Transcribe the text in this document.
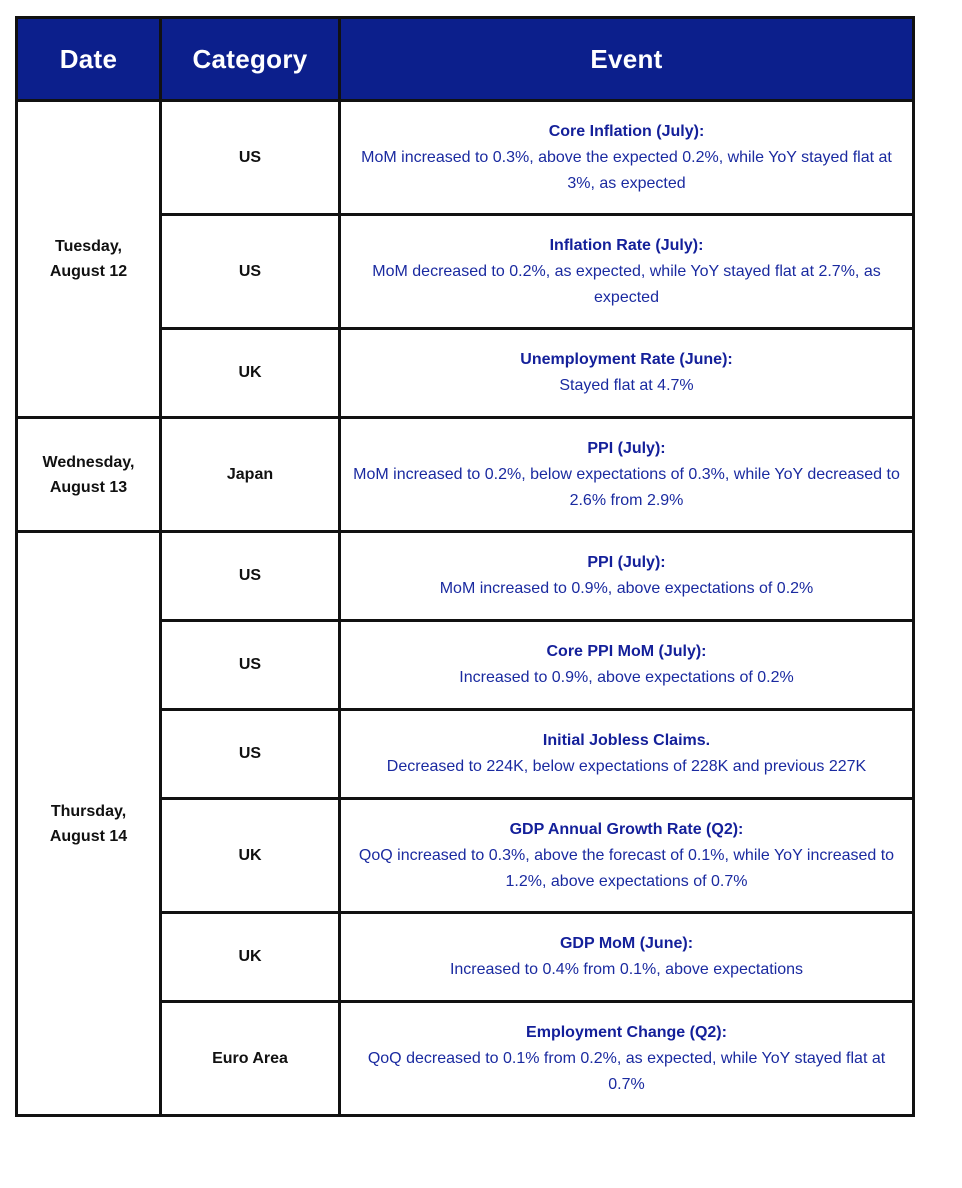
Date	Category	Event
Tuesday,
August 12	US	Core Inflation (July):
MoM increased to 0.3%, above the expected 0.2%, while YoY stayed flat at 3%, as expected

	US	Inflation Rate (July):
MoM decreased to 0.2%, as expected, while YoY stayed flat at 2.7%, as expected

	UK	Unemployment Rate (June):
Stayed flat at 4.7%

Wednesday,
August 13	Japan	PPI (July):
MoM increased to 0.2%, below expectations of 0.3%, while YoY decreased to 2.6% from 2.9%

Thursday,
August 14	US	PPI (July):
MoM increased to 0.9%, above expectations of 0.2%

	US	Core PPI MoM (July):
Increased to 0.9%, above expectations of 0.2%

	US	Initial Jobless Claims.
Decreased to 224K, below expectations of 228K and previous 227K

	UK	GDP Annual Growth Rate (Q2):
QoQ increased to 0.3%, above the forecast of 0.1%, while YoY increased to 1.2%, above expectations of 0.7%

	UK	GDP MoM (June):
Increased to 0.4% from 0.1%, above expectations

	Euro Area	Employment Change (Q2):
QoQ decreased to 0.1% from 0.2%, as expected, while YoY stayed flat at 0.7%
